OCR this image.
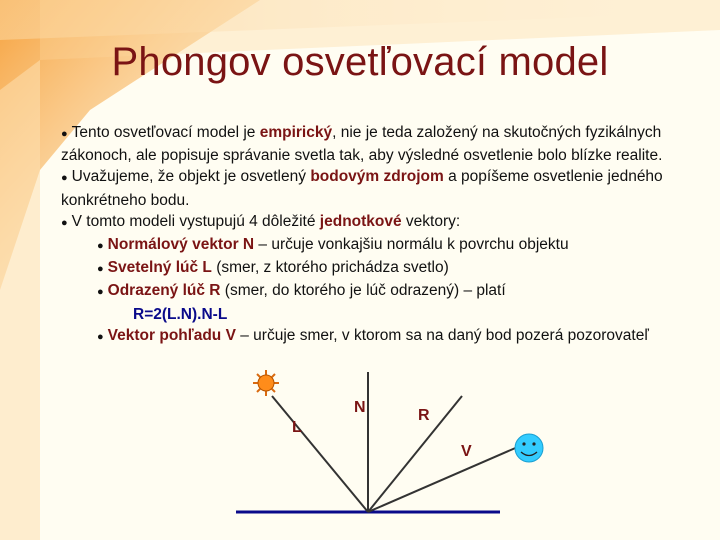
Phongov osvetľovací model
● Tento osvetľovací model je empirický, nie je teda založený na skutočných fyzikálnych zákonoch, ale popisuje správanie svetla tak, aby výsledné osvetlenie bolo blízke realite.
● Uvažujeme, že objekt je osvetlený bodovým zdrojom a popíšeme osvetlenie jedného konkrétneho bodu.
● V tomto modeli vystupujú 4 dôležité jednotkové vektory:
● Normálový vektor N – určuje vonkajšiu normálu k povrchu objektu
● Svetelný lúč L (smer, z ktorého prichádza svetlo)
● Odrazený lúč R (smer, do ktorého je lúč odrazený) – platí
R=2(L.N).N-L
● Vektor pohľadu V – určuje smer, v ktorom sa na daný bod pozerá pozorovateľ
N
L
R
V
